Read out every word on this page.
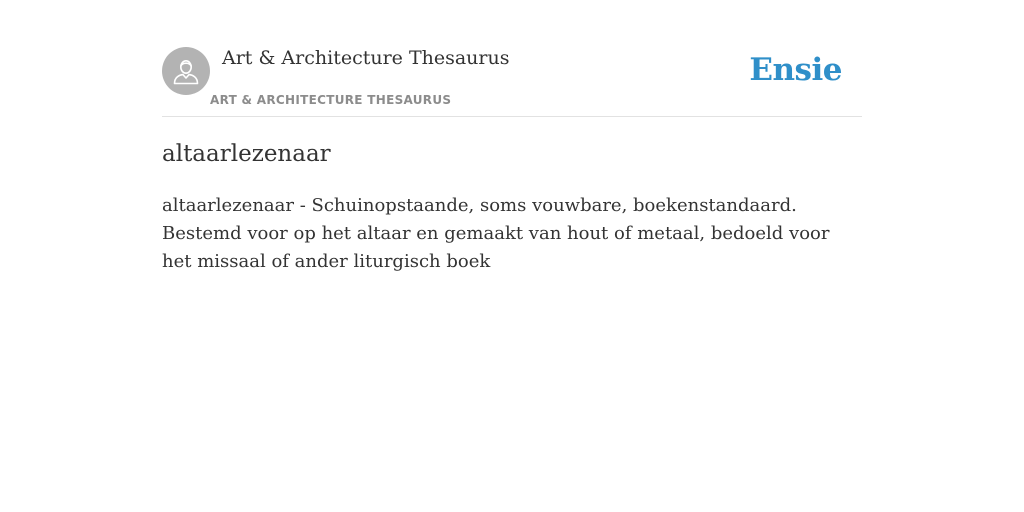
Art & Architecture Thesaurus
ART & ARCHITECTURE THESAURUS
Ensie
altaarlezenaar

altaarlezenaar - Schuinopstaande, soms vouwbare, boekenstandaard. Bestemd voor op het altaar en gemaakt van hout of metaal, bedoeld voor het missaal of ander liturgisch boek
